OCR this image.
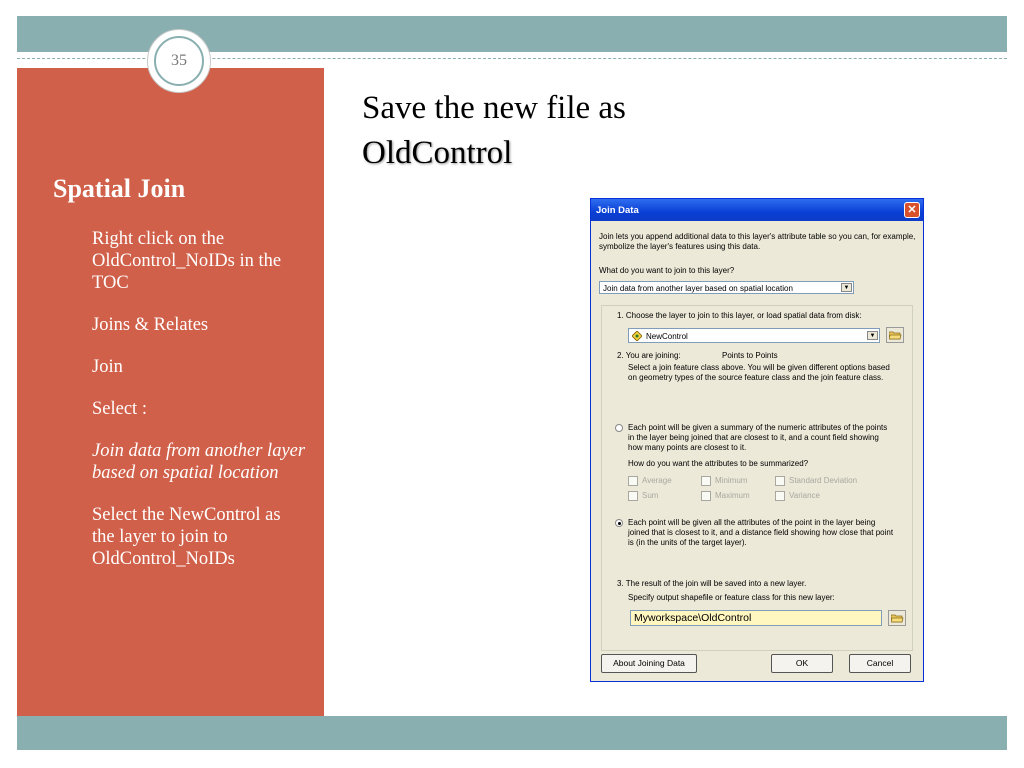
35
Spatial Join
Right click on the OldControl_NoIDs in the TOC
Joins & Relates
Join
Select :
Join data from another layer based on spatial location
Select the NewControl as the layer to join to OldControl_NoIDs
Save the new file as
OldControl
Join Data	✕
Join lets you append additional data to this layer's attribute table so you can, for example, symbolize the layer's features using this data.
What do you want to join to this layer?
Join data from another layer based on spatial location	▼
1. Choose the layer to join to this layer, or load spatial data from disk:
NewControl	▼
2. You are joining:	Points to Points
Select a join feature class above. You will be given different options based on geometry types of the source feature class and the join feature class.
Each point will be given a summary of the numeric attributes of the points in the layer being joined that are closest to it, and a count field showing how many points are closest to it.
How do you want the attributes to be summarized?
Average	Minimum	Standard Deviation
Sum	Maximum	Variance
Each point will be given all the attributes of the point in the layer being joined that is closest to it, and a distance field showing how close that point is (in the units of the target layer).
3. The result of the join will be saved into a new layer.
Specify output shapefile or feature class for this new layer:
Myworkspace\OldControl
About Joining Data	OK	Cancel
